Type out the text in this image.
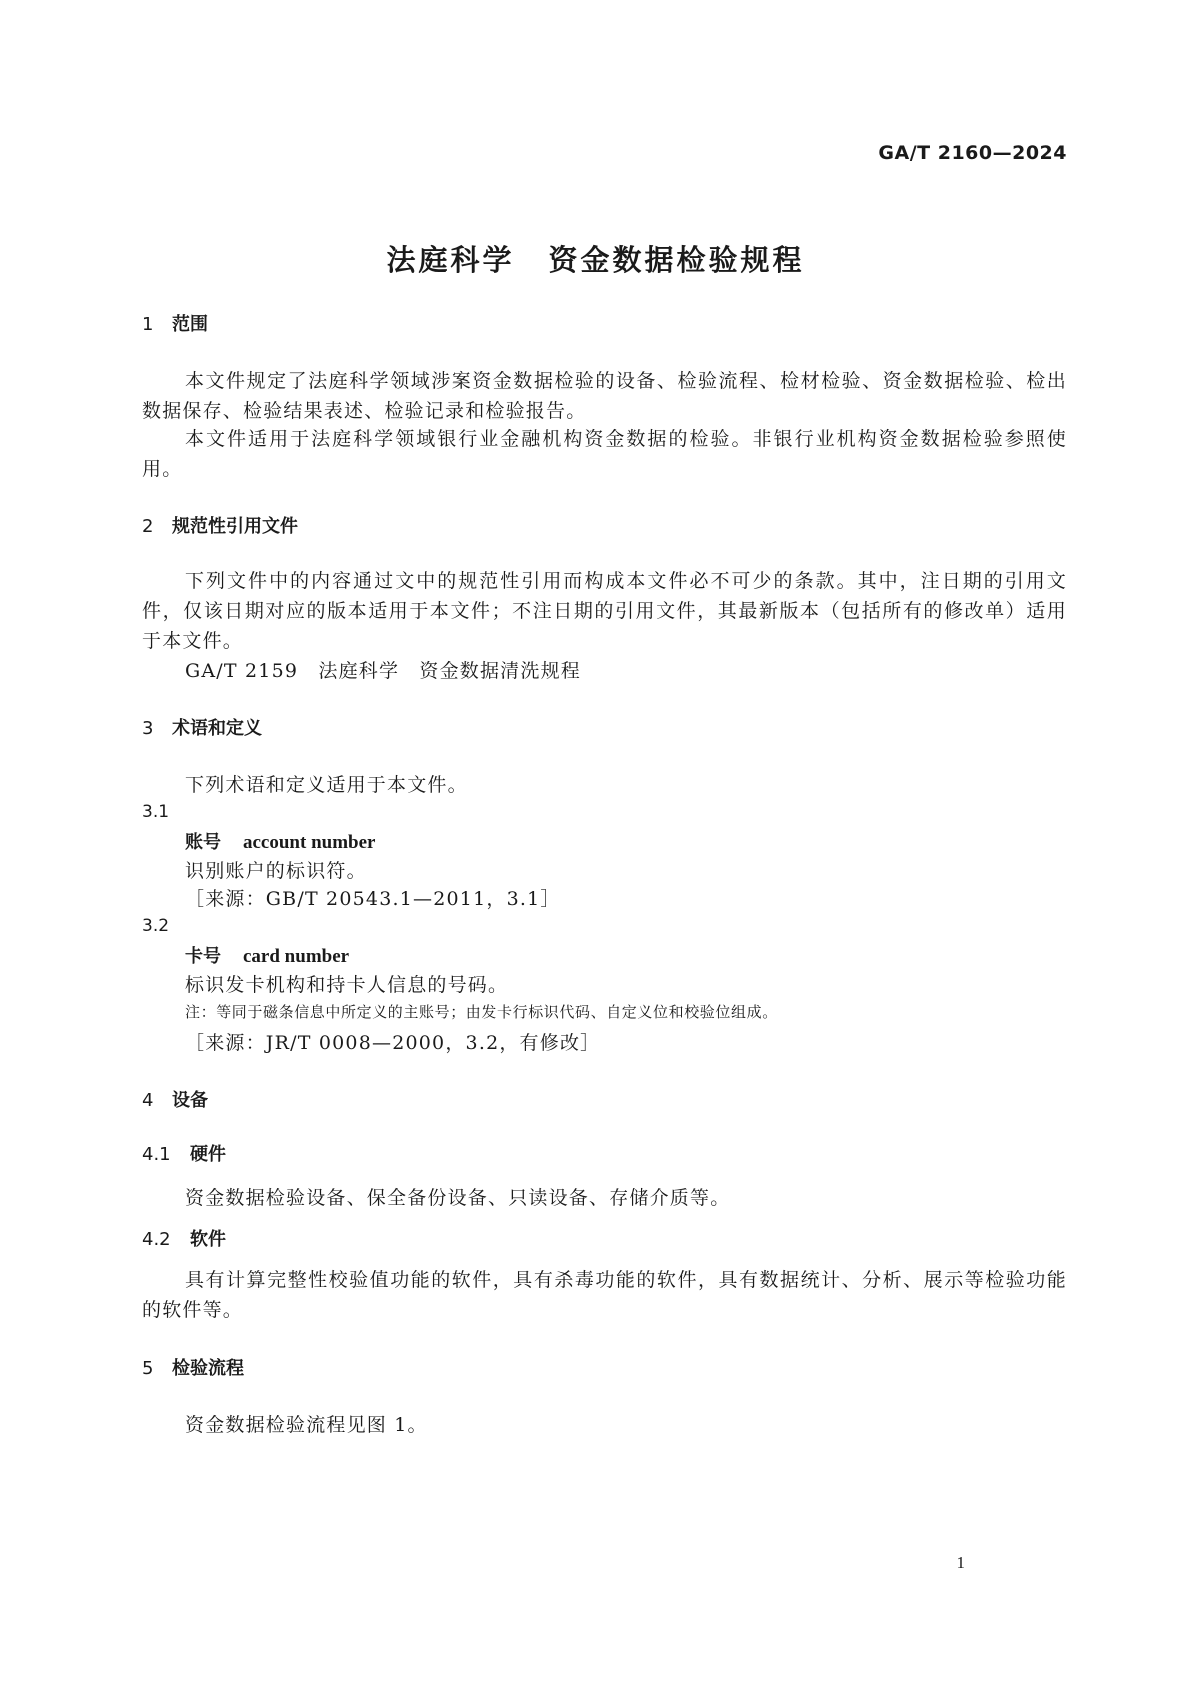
GA/T 2160—2024
法庭科学 资金数据检验规程
1 范围
本文件规定了法庭科学领域涉案资金数据检验的设备、检验流程、检材检验、资金数据检验、检出数据保存、检验结果表述、检验记录和检验报告。
本文件适用于法庭科学领域银行业金融机构资金数据的检验。非银行业机构资金数据检验参照使用。
2 规范性引用文件
下列文件中的内容通过文中的规范性引用而构成本文件必不可少的条款。其中，注日期的引用文件，仅该日期对应的版本适用于本文件；不注日期的引用文件，其最新版本（包括所有的修改单）适用于本文件。
GA/T 2159　法庭科学　资金数据清洗规程
3 术语和定义
下列术语和定义适用于本文件。
3.1
账号 account number
识别账户的标识符。
［来源：GB/T 20543.1—2011，3.1］
3.2
卡号 card number
标识发卡机构和持卡人信息的号码。
注：等同于磁条信息中所定义的主账号；由发卡行标识代码、自定义位和校验位组成。
［来源：JR/T 0008—2000，3.2，有修改］
4 设备
4.1 硬件
资金数据检验设备、保全备份设备、只读设备、存储介质等。
4.2 软件
具有计算完整性校验值功能的软件，具有杀毒功能的软件，具有数据统计、分析、展示等检验功能的软件等。
5 检验流程
资金数据检验流程见图 1。
1
